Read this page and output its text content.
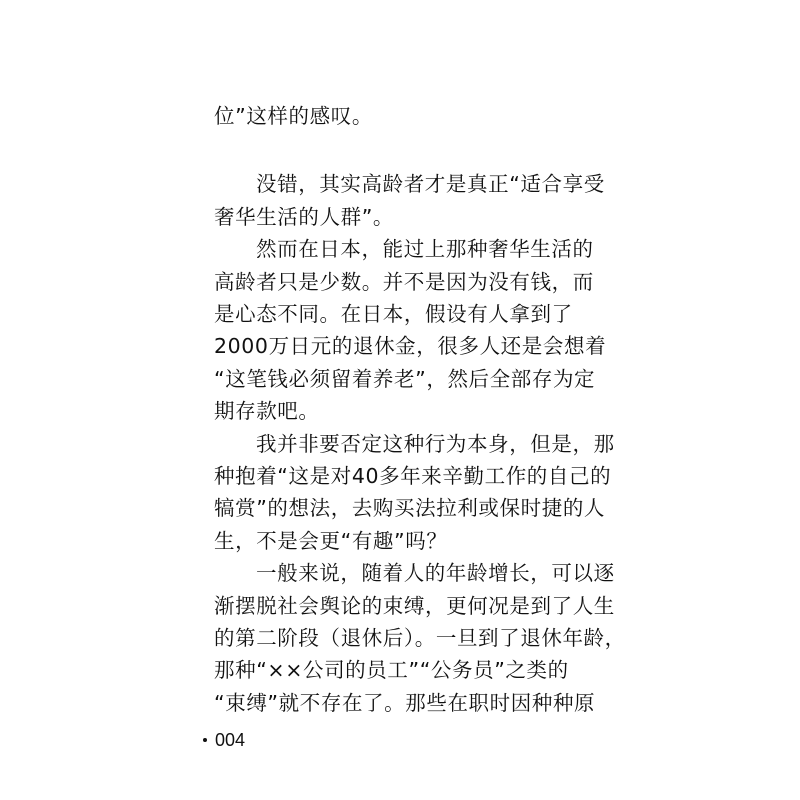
位”这样的感叹。
没错，其实高龄者才是真正“适合享受
奢华生活的人群”。
然而在日本，能过上那种奢华生活的
高龄者只是少数。并不是因为没有钱，而
是心态不同。在日本，假设有人拿到了
2000万日元的退休金，很多人还是会想着
“这笔钱必须留着养老”，然后全部存为定
期存款吧。
我并非要否定这种行为本身，但是，那
种抱着“这是对40多年来辛勤工作的自己的
犒赏”的想法，去购买法拉利或保时捷的人
生，不是会更“有趣”吗？
一般来说，随着人的年龄增长，可以逐
渐摆脱社会舆论的束缚，更何况是到了人生
的第二阶段（退休后）。一旦到了退休年龄，
那种“××公司的员工”“公务员”之类的
“束缚”就不存在了。那些在职时因种种原
004
